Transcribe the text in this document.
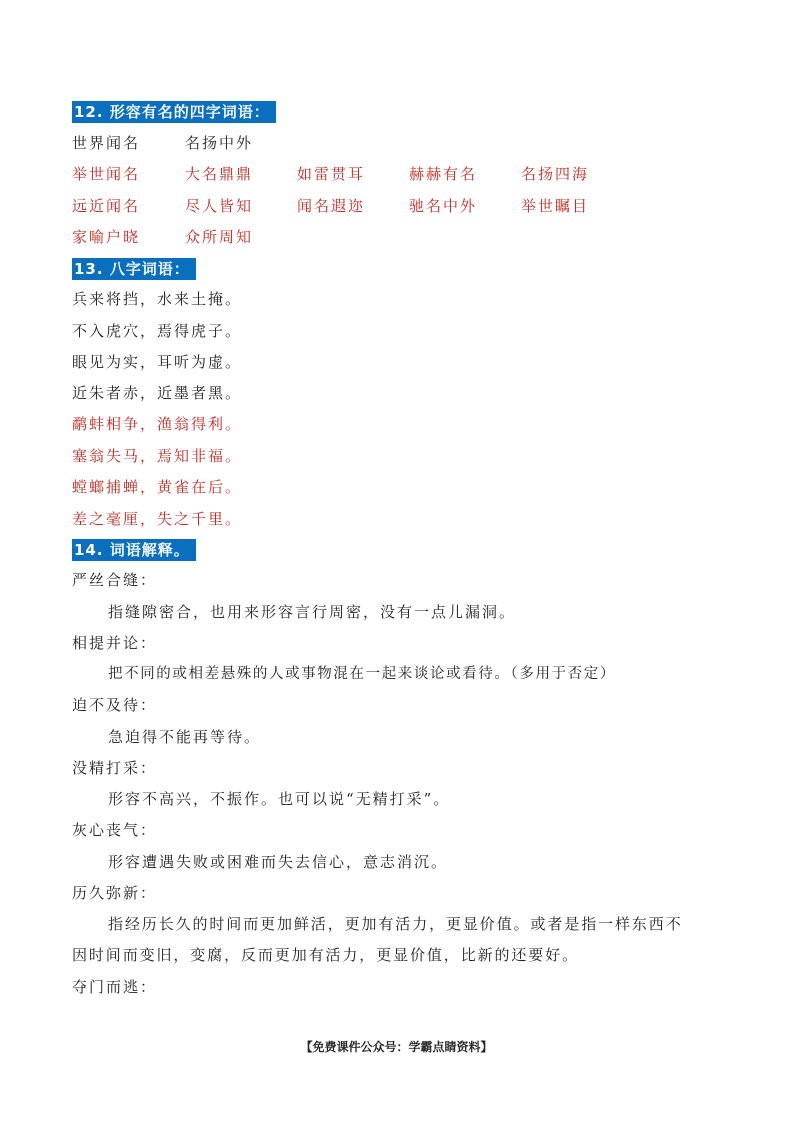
12. 形容有名的四字词语：
世界闻名	名扬中外
举世闻名	大名鼎鼎	如雷贯耳	赫赫有名	名扬四海
远近闻名	尽人皆知	闻名遐迩	驰名中外	举世瞩目
家喻户晓	众所周知
13. 八字词语：
兵来将挡，水来土掩。
不入虎穴，焉得虎子。
眼见为实，耳听为虚。
近朱者赤，近墨者黑。
鹬蚌相争，渔翁得利。
塞翁失马，焉知非福。
螳螂捕蝉，黄雀在后。
差之毫厘，失之千里。
14. 词语解释。
严丝合缝：
指缝隙密合，也用来形容言行周密，没有一点儿漏洞。
相提并论：
把不同的或相差悬殊的人或事物混在一起来谈论或看待。（多用于否定）
迫不及待：
急迫得不能再等待。
没精打采：
形容不高兴，不振作。也可以说“无精打采”。
灰心丧气：
形容遭遇失败或困难而失去信心，意志消沉。
历久弥新：
指经历长久的时间而更加鲜活，更加有活力，更显价值。或者是指一样东西不
因时间而变旧，变腐，反而更加有活力，更显价值，比新的还要好。
夺门而逃：
【免费课件公众号：学霸点睛资料】
